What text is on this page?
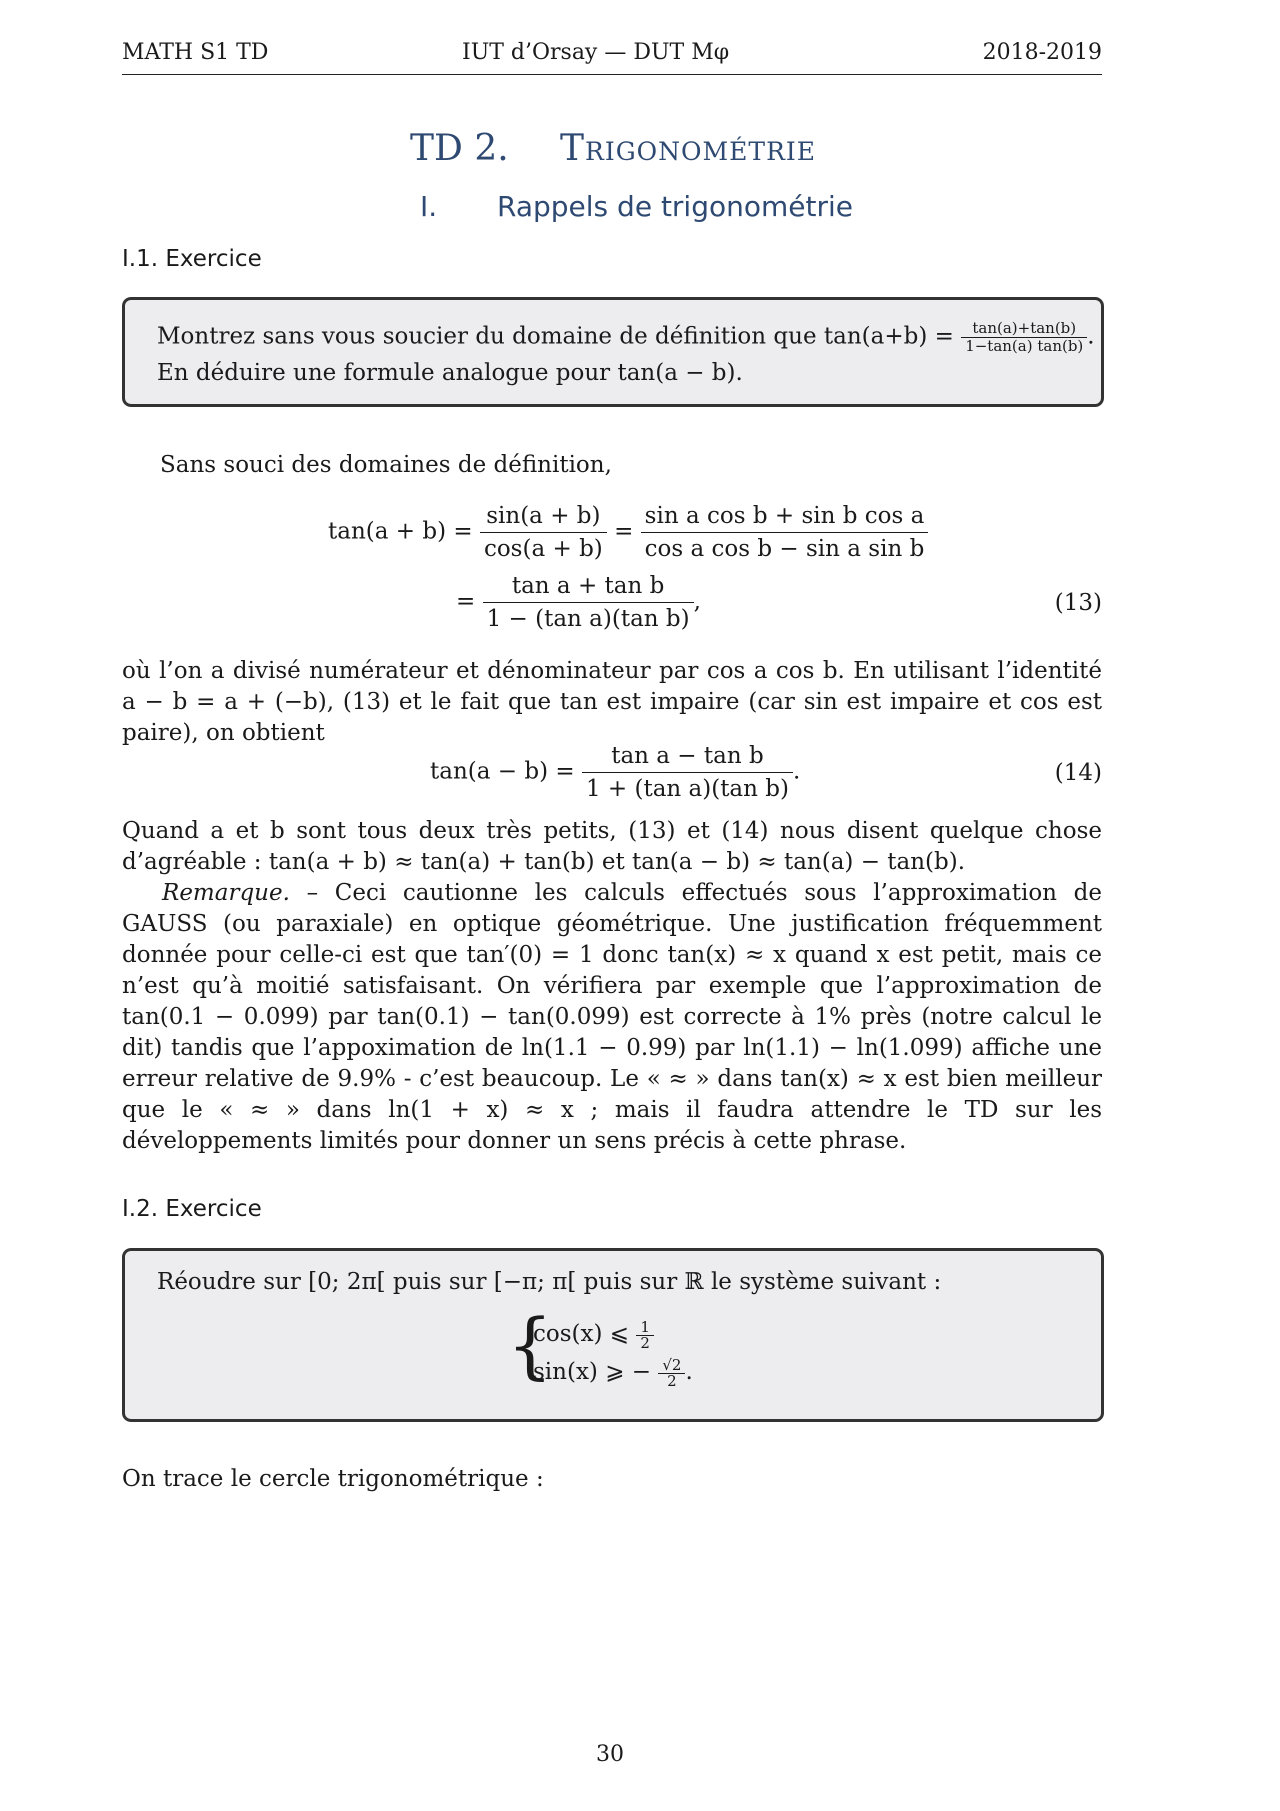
MATH S1 TD	IUT d’Orsay — DUT Mφ	2018-2019
TD 2. Trigonométrie
I. Rappels de trigonométrie
I.1. Exercice
Montrez sans vous soucier du domaine de définition que $\tan(a+b) = \frac{\tan(a)+\tan(b)}{1-\tan(a) \tan(b)}$ .
En déduire une formule analogue pour tan(a − b).
Sans souci des domaines de définition,
$\tan(a + b) = \frac{\sin(a + b)}{\cos(a + b)} = \frac{\text{sin a cos b + sin b cos a}}{\text{cos a cos b − sin a sin b}}$
= $\frac{\text{tan a + tan b}}{\text{1 − (tan a)(tan b)}}$ ,	(13)
où l’on a divisé numérateur et dénominateur par cos a cos b. En utilisant l’identité a − b = a + (−b), (13) et le fait que tan est impaire (car sin est impaire et cos est paire), on obtient
$\tan(a - b) = \frac{\text{tan a − tan b}}{\text{1 + (tan a)(tan b)}}$ .	(14)
Quand a et b sont tous deux très petits, (13) et (14) nous disent quelque chose d’agréable : tan(a + b) ≈ tan(a) + tan(b) et tan(a − b) ≈ tan(a) − tan(b).
Remarque. – Ceci cautionne les calculs effectués sous l’approximation de GAUSS (ou paraxiale) en optique géométrique. Une justification fréquemment donnée pour celle-ci est que tan′(0) = 1 donc tan(x) ≈ x quand x est petit, mais ce n’est qu’à moitié satisfaisant. On vérifiera par exemple que l’approximation de tan(0.1 − 0.099) par tan(0.1) − tan(0.099) est correcte à 1% près (notre calcul le dit) tandis que l’appoximation de ln(1.1 − 0.99) par ln(1.1) − ln(1.099) affiche une erreur relative de 9.9% - c’est beaucoup. Le « ≈ » dans tan(x) ≈ x est bien meilleur que le « ≈ » dans ln(1 + x) ≈ x ; mais il faudra attendre le TD sur les développements limités pour donner un sens précis à cette phrase.
I.2. Exercice
Réoudre sur [0; 2π[ puis sur [−π; π[ puis sur ℝ le système suivant :
{
cos(x) ⩽ $\frac{1}{2}$
sin(x) ⩾ − $\frac{√2}{2}$ .
On trace le cercle trigonométrique :
30
